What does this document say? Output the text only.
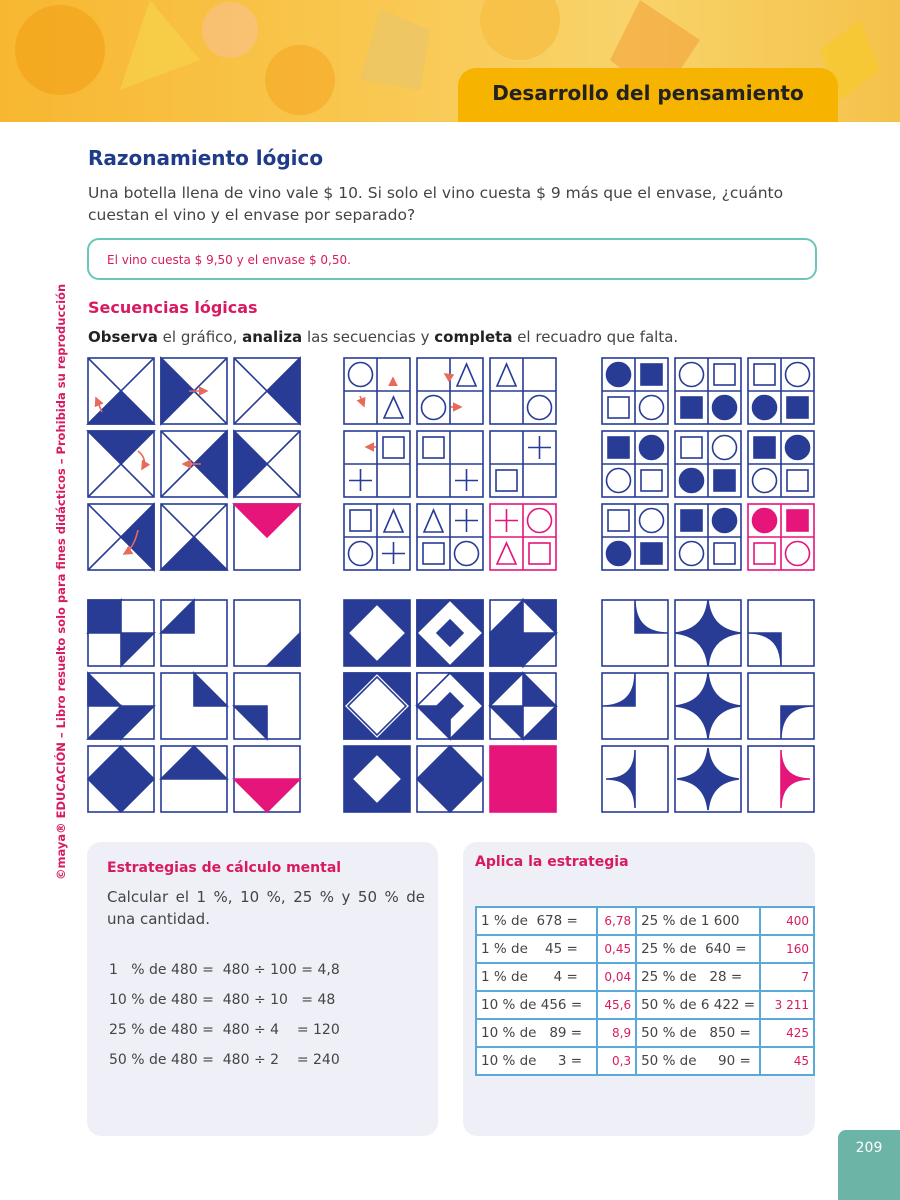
Desarrollo del pensamiento
©maya® EDUCACIÓN – Libro resuelto solo para fines didácticos – Prohibida su reproducción
Razonamiento lógico
Una botella llena de vino vale $ 10. Si solo el vino cuesta $ 9 más que el envase, ¿cuánto cuestan el vino y el envase por separado?
El vino cuesta $ 9,50 y el envase $ 0,50.
Secuencias lógicas
Observa el gráfico, analiza las secuencias y completa el recuadro que falta.
Estrategias de cálculo mental
Calcular el 1 %, 10 %, 25 % y 50 % de una cantidad.
1   % de 480 =  480 ÷ 100 = 4,8
10 % de 480 =  480 ÷ 10   = 48
25 % de 480 =  480 ÷ 4    = 120
50 % de 480 =  480 ÷ 2    = 240
Aplica la estrategia
1 % de  678 =	6,78	25 % de 1 600	400
1 % de    45 =	0,45	25 % de  640 =	160
1 % de      4 =	0,04	25 % de   28 =	7
10 % de 456 =	45,6	50 % de 6 422 =	3 211
10 % de   89 =	8,9	50 % de   850 =	425
10 % de     3 =	0,3	50 % de     90 =	45
209
